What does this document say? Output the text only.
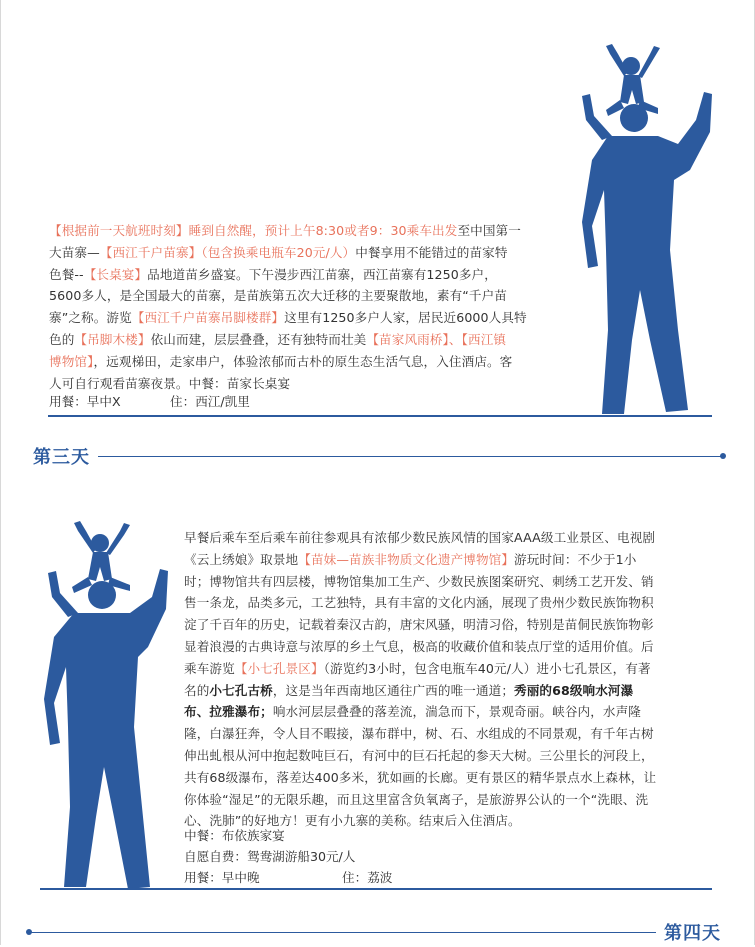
【根据前一天航班时刻】睡到自然醒，预计上午8:30或者9：30乘车出发至中国第一
大苗寨—【西江千户苗寨】（包含换乘电瓶车20元/人）中餐享用不能错过的苗家特
色餐--【长桌宴】品地道苗乡盛宴。下午漫步西江苗寨，西江苗寨有1250多户，
5600多人，是全国最大的苗寨，是苗族第五次大迁移的主要聚散地，素有“千户苗
寨”之称。游览【西江千户苗寨吊脚楼群】这里有1250多户人家，居民近6000人具特
色的【吊脚木楼】依山而建，层层叠叠，还有独特而壮美【苗家风雨桥】、【西江镇
博物馆】，远观梯田，走家串户，体验浓郁而古朴的原生态生活气息，入住酒店。客
人可自行观看苗寨夜景。中餐：苗家长桌宴
用餐：早中X	住：西江/凯里
第三天
早餐后乘车至后乘车前往参观具有浓郁少数民族风情的国家AAA级工业景区、电视剧
《云上绣娘》取景地【苗妹—苗族非物质文化遗产博物馆】游玩时间：不少于1小
时；博物馆共有四层楼，博物馆集加工生产、少数民族图案研究、刺绣工艺开发、销
售一条龙，品类多元，工艺独特，具有丰富的文化内涵，展现了贵州少数民族饰物积
淀了千百年的历史，记载着秦汉古韵，唐宋风骚，明清习俗，特别是苗侗民族饰物彰
显着浪漫的古典诗意与浓厚的乡土气息，极高的收藏价值和装点厅堂的适用价值。后
乘车游览【小七孔景区】（游览约3小时，包含电瓶车40元/人）进小七孔景区，有著
名的小七孔古桥，这是当年西南地区通往广西的唯一通道；秀丽的68级响水河瀑
布、拉雅瀑布；响水河层层叠叠的落差流，湍急而下，景观奇丽。峡谷内，水声隆
隆，白瀑狂奔，令人目不暇接，瀑布群中，树、石、水组成的不同景观，有千年古树
伸出虬根从河中抱起数吨巨石，有河中的巨石托起的参天大树。三公里长的河段上，
共有68级瀑布，落差达400多米，犹如画的长廊。更有景区的精华景点水上森林，让
你体验“湿足”的无限乐趣，而且这里富含负氧离子，是旅游界公认的一个“洗眼、洗
心、洗肺”的好地方！更有小九寨的美称。结束后入住酒店。
中餐：布依族家宴
自愿自费：鸳鸯湖游船30元/人
用餐：早中晚	住：荔波
第四天
